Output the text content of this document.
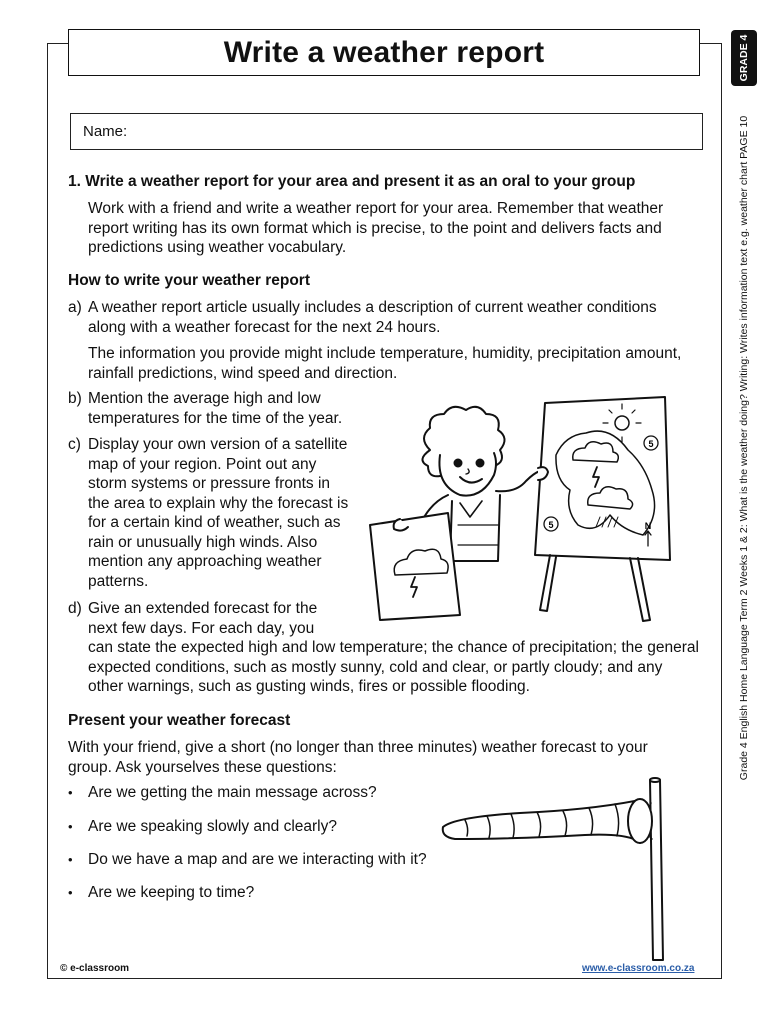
Write a weather report
Name:
1. Write a weather report for your area and present it as an oral to your group
Work with a friend and write a weather report for your area. Remember that weather report writing has its own format which is precise, to the point and delivers facts and predictions using weather vocabulary.
How to write your weather report
a) A weather report article usually includes a description of current weather conditions along with a weather forecast for the next 24 hours.
The information you provide might include temperature, humidity, precipitation amount, rainfall predictions, wind speed and direction.
b) Mention the average high and low temperatures for the time of the year.
c) Display your own version of a satellite map of your region. Point out any storm systems or pressure fronts in the area to explain why the forecast is for a certain kind of weather, such as rain or unusually high winds. Also mention any approaching weather patterns.
d) Give an extended forecast for the next few days. For each day, you
can state the expected high and low temperature; the chance of precipitation; the general expected conditions, such as mostly sunny, cold and clear, or partly cloudy; and any other warnings, such as gusting winds, fires or possible flooding.
Present your weather forecast
With your friend, give a short (no longer than three minutes) weather forecast to your group. Ask yourselves these questions:
• Are we getting the main message across?
• Are we speaking slowly and clearly?
• Do we have a map and are we interacting with it?
• Are we keeping to time?
5
5	N
© e-classroom	www.e-classroom.co.za
GRADE 4
Grade 4 English Home Language Term 2 Weeks 1 & 2: What is the weather doing? Writing: Writes information text e.g. weather chart PAGE 10
